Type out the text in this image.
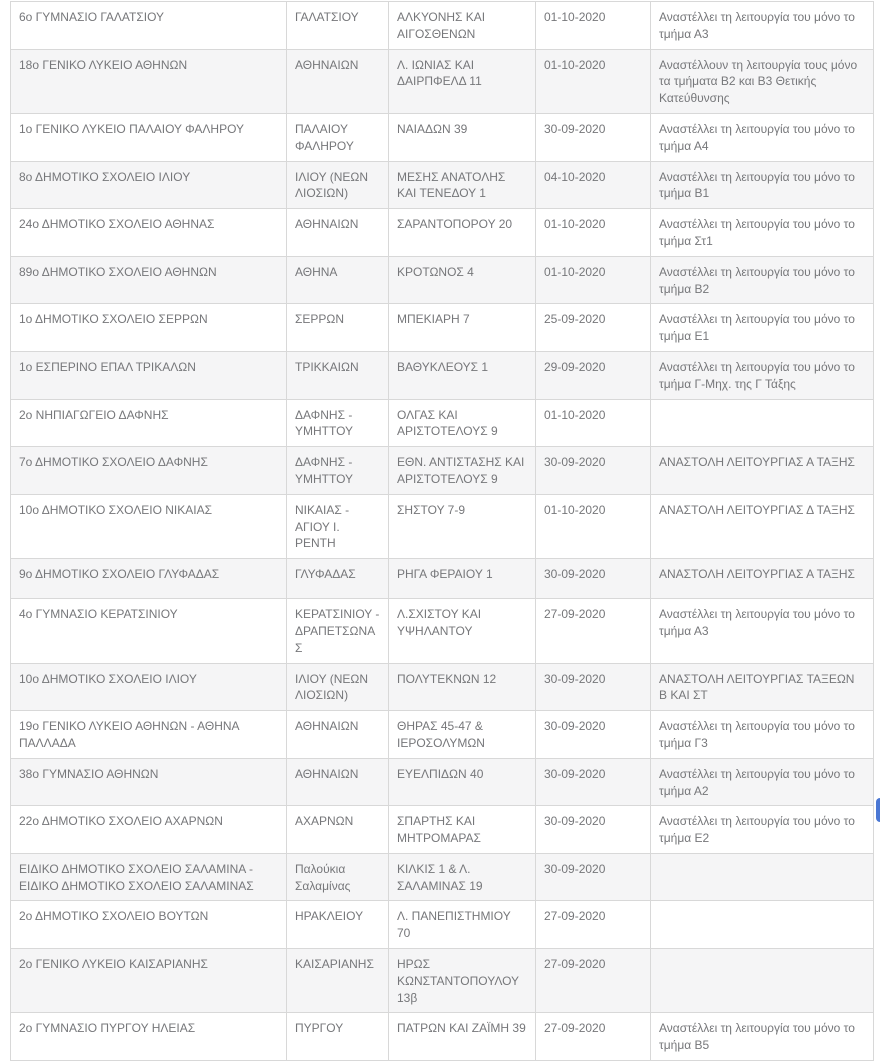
6ο ΓΥΜΝΑΣΙΟ ΓΑΛΑΤΣΙΟΥ	ΓΑΛΑΤΣΙΟΥ	ΑΛΚΥΟΝΗΣ ΚΑΙ ΑΙΓΟΣΘΕΝΩΝ	01-10-2020	Αναστέλλει τη λειτουργία του μόνο το τμήμα Α3
18ο ΓΕΝΙΚΟ ΛΥΚΕΙΟ ΑΘΗΝΩΝ	ΑΘΗΝΑΙΩΝ	Λ. ΙΩΝΙΑΣ ΚΑΙ ΔΑΙΡΠΦΕΛΔ 11	01-10-2020	Αναστέλλουν τη λειτουργία τους μόνο τα τμήματα Β2 και Β3 Θετικής Κατεύθυνσης
1ο ΓΕΝΙΚΟ ΛΥΚΕΙΟ ΠΑΛΑΙΟΥ ΦΑΛΗΡΟΥ	ΠΑΛΑΙΟΥ ΦΑΛΗΡΟΥ	ΝΑΙΑΔΩΝ 39	30-09-2020	Αναστέλλει τη λειτουργία του μόνο το τμήμα Α4
8ο ΔΗΜΟΤΙΚΟ ΣΧΟΛΕΙΟ ΙΛΙΟΥ	ΙΛΙΟΥ (ΝΕΩΝ ΛΙΟΣΙΩΝ)	ΜΕΣΗΣ ΑΝΑΤΟΛΗΣ ΚΑΙ ΤΕΝΕΔΟΥ 1	04-10-2020	Αναστέλλει τη λειτουργία του μόνο το τμήμα Β1
24ο ΔΗΜΟΤΙΚΟ ΣΧΟΛΕΙΟ ΑΘΗΝΑΣ	ΑΘΗΝΑΙΩΝ	ΣΑΡΑΝΤΟΠΟΡΟΥ 20	01-10-2020	Αναστέλλει τη λειτουργία του μόνο το τμήμα Στ1
89ο ΔΗΜΟΤΙΚΟ ΣΧΟΛΕΙΟ ΑΘΗΝΩΝ	ΑΘΗΝΑ	ΚΡΟΤΩΝΟΣ 4	01-10-2020	Αναστέλλει τη λειτουργία του μόνο το τμήμα Β2
1ο ΔΗΜΟΤΙΚΟ ΣΧΟΛΕΙΟ ΣΕΡΡΩΝ	ΣΕΡΡΩΝ	ΜΠΕΚΙΑΡΗ 7	25-09-2020	Αναστέλλει τη λειτουργία του μόνο το τμήμα Ε1
1ο ΕΣΠΕΡΙΝΟ ΕΠΑΛ ΤΡΙΚΑΛΩΝ	ΤΡΙΚΚΑΙΩΝ	ΒΑΘΥΚΛΕΟΥΣ 1	29-09-2020	Αναστέλλει τη λειτουργία του μόνο το τμήμα Γ-Μηχ. της Γ Τάξης
2ο ΝΗΠΙΑΓΩΓΕΙΟ ΔΑΦΝΗΣ	ΔΑΦΝΗΣ - ΥΜΗΤΤΟΥ	ΟΛΓΑΣ ΚΑΙ ΑΡΙΣΤΟΤΕΛΟΥΣ 9	01-10-2020	
7ο ΔΗΜΟΤΙΚΟ ΣΧΟΛΕΙΟ ΔΑΦΝΗΣ	ΔΑΦΝΗΣ - ΥΜΗΤΤΟΥ	ΕΘΝ. ΑΝΤΙΣΤΑΣΗΣ ΚΑΙ ΑΡΙΣΤΟΤΕΛΟΥΣ 9	30-09-2020	ΑΝΑΣΤΟΛΗ ΛΕΙΤΟΥΡΓΙΑΣ Α ΤΑΞΗΣ
10ο ΔΗΜΟΤΙΚΟ ΣΧΟΛΕΙΟ ΝΙΚΑΙΑΣ	ΝΙΚΑΙΑΣ - ΑΓΙΟΥ Ι. ΡΕΝΤΗ	ΣΗΣΤΟΥ 7-9	01-10-2020	ΑΝΑΣΤΟΛΗ ΛΕΙΤΟΥΡΓΙΑΣ Δ ΤΑΞΗΣ
9ο ΔΗΜΟΤΙΚΟ ΣΧΟΛΕΙΟ ΓΛΥΦΑΔΑΣ	ΓΛΥΦΑΔΑΣ	ΡΗΓΑ ΦΕΡΑΙΟΥ 1	30-09-2020	ΑΝΑΣΤΟΛΗ ΛΕΙΤΟΥΡΓΙΑΣ Α ΤΑΞΗΣ
4ο ΓΥΜΝΑΣΙΟ ΚΕΡΑΤΣΙΝΙΟΥ	ΚΕΡΑΤΣΙΝΙΟΥ - ΔΡΑΠΕΤΣΩΝΑΣ	Λ.ΣΧΙΣΤΟΥ ΚΑΙ ΥΨΗΛΑΝΤΟΥ	27-09-2020	Αναστέλλει τη λειτουργία του μόνο το τμήμα Α3
10ο ΔΗΜΟΤΙΚΟ ΣΧΟΛΕΙΟ ΙΛΙΟΥ	ΙΛΙΟΥ (ΝΕΩΝ ΛΙΟΣΙΩΝ)	ΠΟΛΥΤΕΚΝΩΝ 12	30-09-2020	ΑΝΑΣΤΟΛΗ ΛΕΙΤΟΥΡΓΙΑΣ ΤΑΞΕΩΝ Β ΚΑΙ ΣΤ
19ο ΓΕΝΙΚΟ ΛΥΚΕΙΟ ΑΘΗΝΩΝ - ΑΘΗΝΑ ΠΑΛΛΑΔΑ	ΑΘΗΝΑΙΩΝ	ΘΗΡΑΣ 45-47 & ΙΕΡΟΣΟΛΥΜΩΝ	30-09-2020	Αναστέλλει τη λειτουργία του μόνο το τμήμα Γ3
38ο ΓΥΜΝΑΣΙΟ ΑΘΗΝΩΝ	ΑΘΗΝΑΙΩΝ	ΕΥΕΛΠΙΔΩΝ 40	30-09-2020	Αναστέλλει τη λειτουργία του μόνο το τμήμα Α2
22ο ΔΗΜΟΤΙΚΟ ΣΧΟΛΕΙΟ ΑΧΑΡΝΩΝ	ΑΧΑΡΝΩΝ	ΣΠΑΡΤΗΣ ΚΑΙ ΜΗΤΡΟΜΑΡΑΣ	30-09-2020	Αναστέλλει τη λειτουργία του μόνο το τμήμα Ε2
ΕΙΔΙΚΟ ΔΗΜΟΤΙΚΟ ΣΧΟΛΕΙΟ ΣΑΛΑΜΙΝΑ - ΕΙΔΙΚΟ ΔΗΜΟΤΙΚΟ ΣΧΟΛΕΙΟ ΣΑΛΑΜΙΝΑΣ	Παλούκια Σαλαμίνας	ΚΙΛΚΙΣ 1 & Λ. ΣΑΛΑΜΙΝΑΣ 19	30-09-2020	
2ο ΔΗΜΟΤΙΚΟ ΣΧΟΛΕΙΟ ΒΟΥΤΩΝ	ΗΡΑΚΛΕΙΟΥ	Λ. ΠΑΝΕΠΙΣΤΗΜΙΟΥ 70	27-09-2020	
2ο ΓΕΝΙΚΟ ΛΥΚΕΙΟ ΚΑΙΣΑΡΙΑΝΗΣ	ΚΑΙΣΑΡΙΑΝΗΣ	ΗΡΩΣ ΚΩΝΣΤΑΝΤΟΠΟΥΛΟΥ 13β	27-09-2020	
2ο ΓΥΜΝΑΣΙΟ ΠΥΡΓΟΥ ΗΛΕΙΑΣ	ΠΥΡΓΟΥ	ΠΑΤΡΩΝ ΚΑΙ ΖΑΪΜΗ 39	27-09-2020	Αναστέλλει τη λειτουργία του μόνο το τμήμα Β5
